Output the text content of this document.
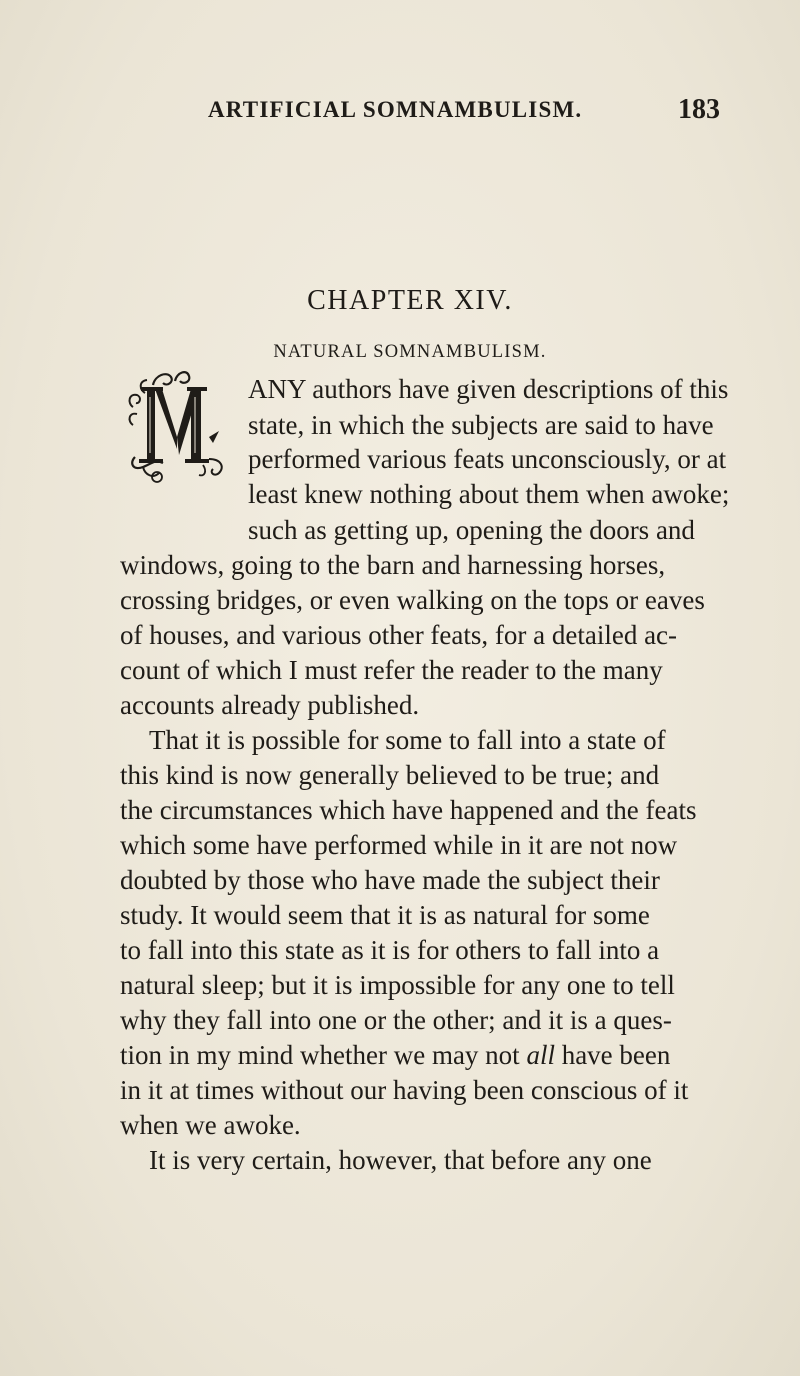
ARTIFICIAL SOMNAMBULISM.	183
CHAPTER XIV.
NATURAL SOMNAMBULISM.
ANY authors have given descriptions of this
state, in which the subjects are said to have
performed various feats unconsciously, or at
least knew nothing about them when awoke;
such as getting up, opening the doors and
windows, going to the barn and harnessing horses,
crossing bridges, or even walking on the tops or eaves
of houses, and various other feats, for a detailed ac-
count of which I must refer the reader to the many
accounts already published.
That it is possible for some to fall into a state of
this kind is now generally believed to be true; and
the circumstances which have happened and the feats
which some have performed while in it are not now
doubted by those who have made the subject their
study. It would seem that it is as natural for some
to fall into this state as it is for others to fall into a
natural sleep; but it is impossible for any one to tell
why they fall into one or the other; and it is a ques-
tion in my mind whether we may not all have been
in it at times without our having been conscious of it
when we awoke.
It is very certain, however, that before any one
